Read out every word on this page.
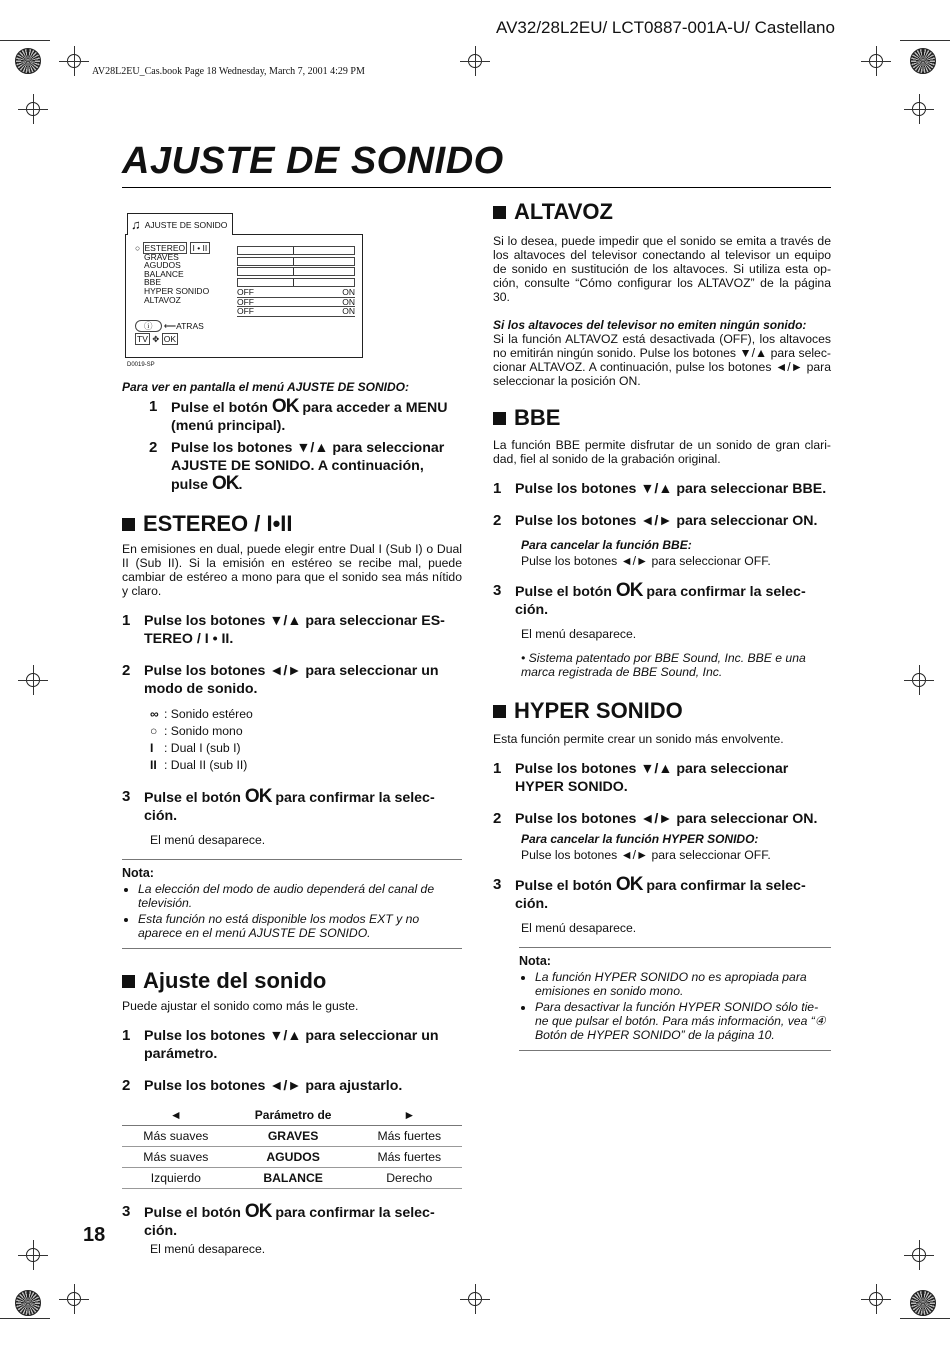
AV32/28L2EU/ LCT0887-001A-U/ Castellano
AV28L2EU_Cas.book Page 18 Wednesday, March 7, 2001 4:29 PM
AJUSTE DE SONIDO
♫ AJUSTE DE SONIDO
○ ESTEREO I • II
GRAVES
AGUDOS
BALANCE
BBE
HYPER SONIDO
ALTAVOZ
OFF	ON
OFF	ON
OFF	ON
ⓘ ⟵ATRAS
TV ✥ OK
D0019-SP
Para ver en pantalla el menú AJUSTE DE SONIDO:
1 Pulse el botón OK para acceder a MENU (menú principal).
2 Pulse los botones ▼/▲ para seleccionar AJUSTE DE SONIDO. A continuación, pulse OK.
ESTEREO / I•II

En emisiones en dual, puede elegir entre Dual I (Sub I) o Dual II (Sub II). Si la emisión en estéreo se recibe mal, puede cambiar de estéreo a mono para que el sonido sea más nítido y claro.

1 Pulse los botones ▼/▲ para seleccionar ES-TEREO / I • II.
2 Pulse los botones ◄/► para seleccionar un modo de sonido.
∞ : Sonido estéreo
○ : Sonido mono
I : Dual I (sub I)
II : Dual II (sub II)
3 Pulse el botón OK para confirmar la selec-ción.
El menú desaparece.
Nota:
• La elección del modo de audio dependerá del canal de televisión.
• Esta función no está disponible los modos EXT y no aparece en el menú AJUSTE DE SONIDO.
Ajuste del sonido

Puede ajustar el sonido como más le guste.

1 Pulse los botones ▼/▲ para seleccionar un parámetro.
2 Pulse los botones ◄/► para ajustarlo.
◄	Parámetro de	►
Más suaves	GRAVES	Más fuertes
Más suaves	AGUDOS	Más fuertes
Izquierdo	BALANCE	Derecho
3 Pulse el botón OK para confirmar la selec-ción.
El menú desaparece.
ALTAVOZ

Si lo desea, puede impedir que el sonido se emita a través de los altavoces del televisor conectando al televisor un equipo de sonido en sustitución de los altavoces. Si utiliza esta op-ción, consulte “Cómo configurar los ALTAVOZ” de la página 30.

Si los altavoces del televisor no emiten ningún sonido:

Si la función ALTAVOZ está desactivada (OFF), los altavoces no emitirán ningún sonido. Pulse los botones ▼/▲ para selec-cionar ALTAVOZ. A continuación, pulse los botones ◄/► para seleccionar la posición ON.

BBE

La función BBE permite disfrutar de un sonido de gran clari-dad, fiel al sonido de la grabación original.

1 Pulse los botones ▼/▲ para seleccionar BBE.
2 Pulse los botones ◄/► para seleccionar ON.
Para cancelar la función BBE:
Pulse los botones ◄/► para seleccionar OFF.
3 Pulse el botón OK para confirmar la selec-ción.
El menú desaparece.
• Sistema patentado por BBE Sound, Inc. BBE e una marca registrada de BBE Sound, Inc.
HYPER SONIDO

Esta función permite crear un sonido más envolvente.

1 Pulse los botones ▼/▲ para seleccionar HYPER SONIDO.
2 Pulse los botones ◄/► para seleccionar ON.
Para cancelar la función HYPER SONIDO:
Pulse los botones ◄/► para seleccionar OFF.
3 Pulse el botón OK para confirmar la selec-ción.
El menú desaparece.
Nota:
• La función HYPER SONIDO no es apropiada para emisiones en sonido mono.
• Para desactivar la función HYPER SONIDO sólo tie-ne que pulsar el botón. Para más información, vea “④ Botón de HYPER SONIDO” de la página 10.
18
